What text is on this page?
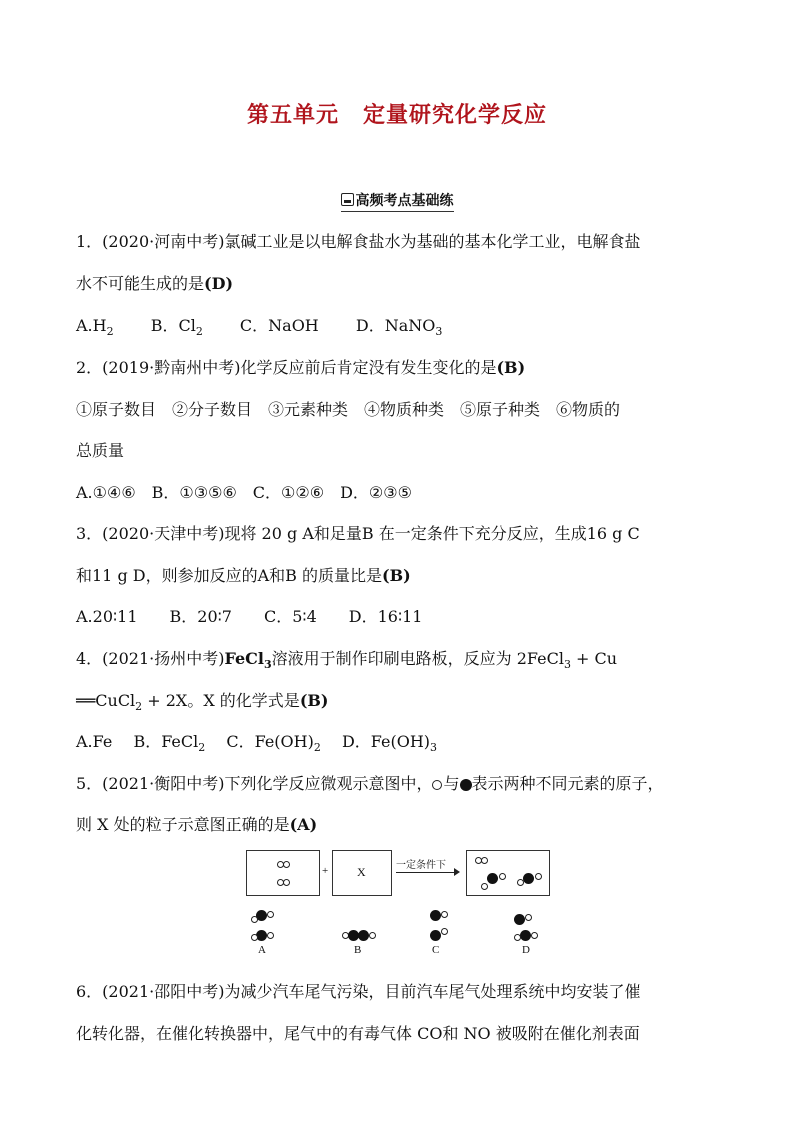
第五单元 定量研究化学反应
高频考点基础练
1．(2020·河南中考)氯碱工业是以电解食盐水为基础的基本化学工业，电解食盐
水不可能生成的是(D)
$A.H_2$　　 B．$Cl_2$　　 C．NaOH　　 D．NaNO$_3$
2．(2019·黔南州中考)化学反应前后肯定没有发生变化的是(B)
①原子数目　②分子数目　③元素种类　④物质种类　⑤原子种类　⑥物质的
总质量
A.①④⑥　B．①③⑤⑥　C．①②⑥　D．②③⑤
3．(2020·天津中考)现将 20 g A和足量B 在一定条件下充分反应，生成16 g C
和11 g D，则参加反应的A和B 的质量比是(B)
A.20∶11　　B．20∶7　　C．5∶4　　D．16∶11
4．(2021·扬州中考)FeCl$_3$溶液用于制作印刷电路板，反应为 2FeCl$_3$ + Cu
══CuCl$_2$ + 2X。X 的化学式是(B)
A.Fe　 B．FeCl$_2$　 C．$Fe(OH)_2$　 D．$Fe(OH)_3$
5．(2021·衡阳中考)下列化学反应微观示意图中， 与 表示两种不同元素的原子，
则 X 处的粒子示意图正确的是(A)
+ X	一定条件下
A	B	C	D
6．(2021·邵阳中考)为减少汽车尾气污染，目前汽车尾气处理系统中均安装了催
化转化器，在催化转换器中，尾气中的有毒气体 CO和 NO 被吸附在催化剂表面
